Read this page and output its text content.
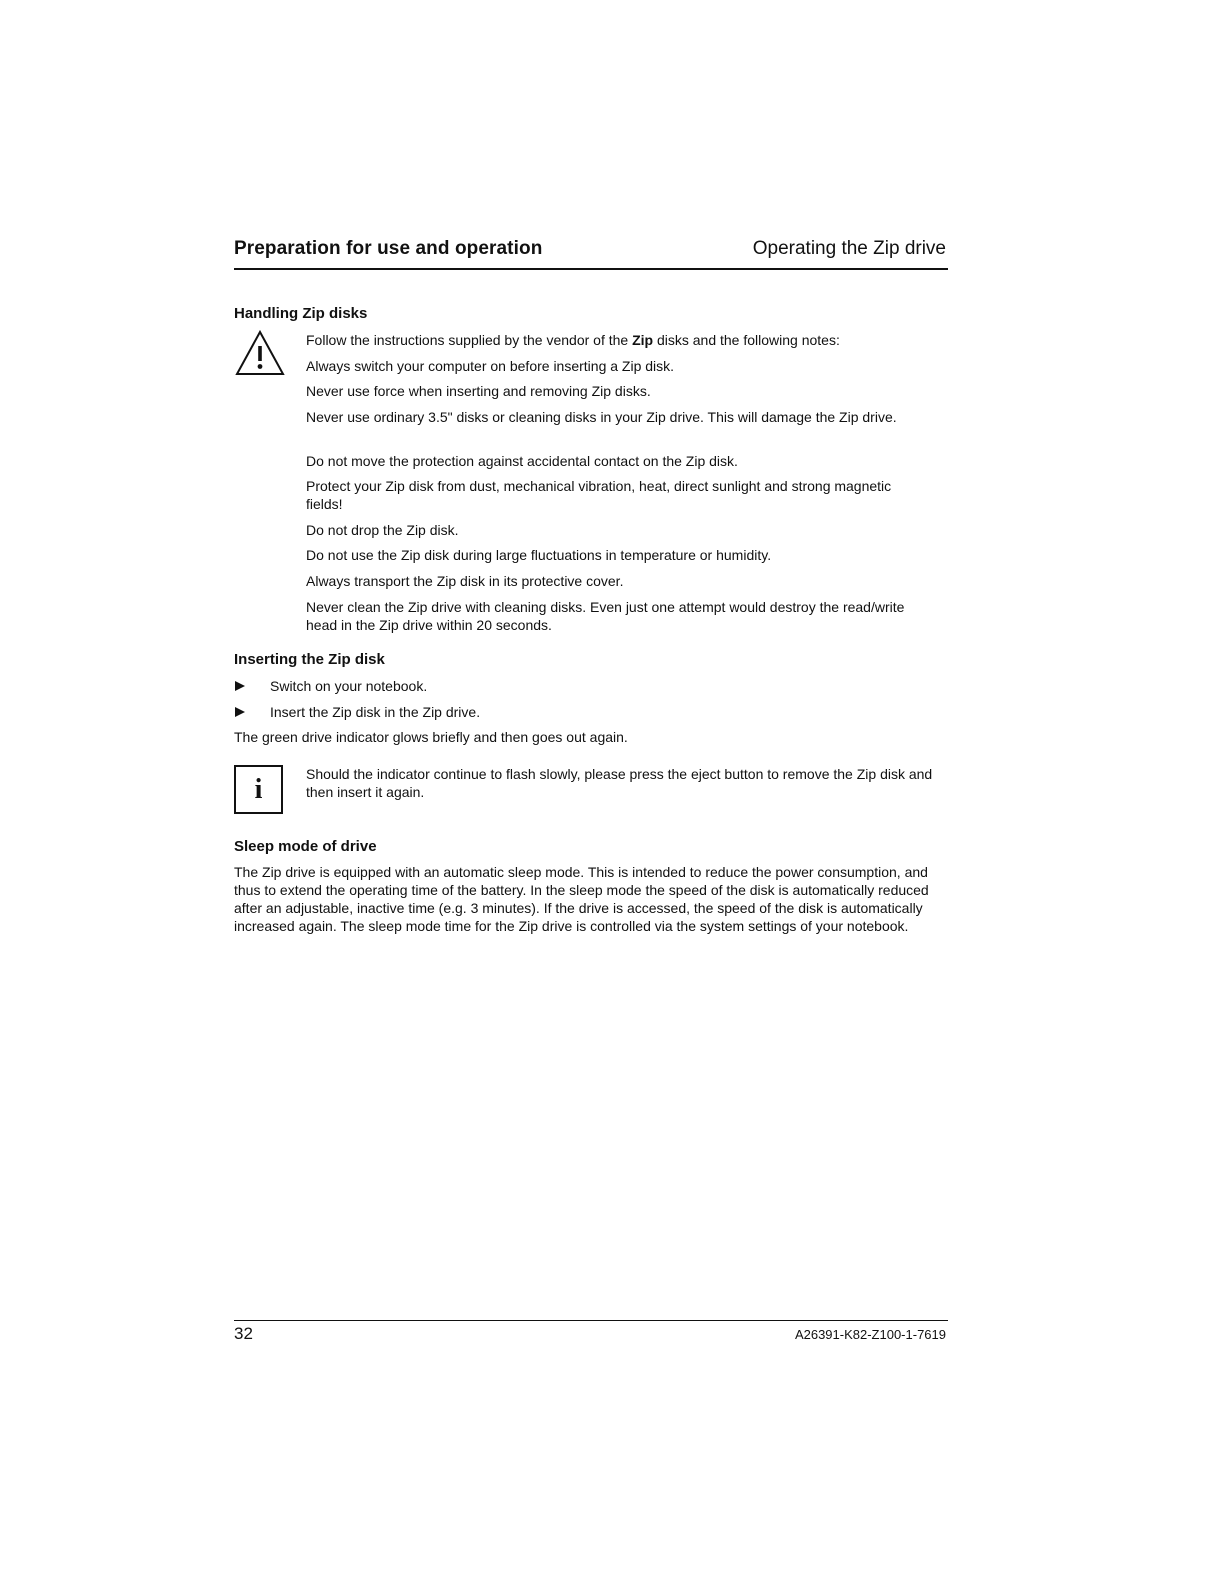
Preparation for use and operation	Operating the Zip drive
Handling Zip disks
Follow the instructions supplied by the vendor of the Zip disks and the following notes:
Always switch your computer on before inserting a Zip disk.
Never use force when inserting and removing Zip disks.
Never use ordinary 3.5" disks or cleaning disks in your Zip drive. This will damage the Zip drive.
Do not move the protection against accidental contact on the Zip disk.
Protect your Zip disk from dust, mechanical vibration, heat, direct sunlight and strong magnetic fields!
Do not drop the Zip disk.
Do not use the Zip disk during large fluctuations in temperature or humidity.
Always transport the Zip disk in its protective cover.
Never clean the Zip drive with cleaning disks. Even just one attempt would destroy the read/write head in the Zip drive within 20 seconds.
Inserting the Zip disk
Switch on your notebook.
Insert the Zip disk in the Zip drive.
The green drive indicator glows briefly and then goes out again.
i	Should the indicator continue to flash slowly, please press the eject button to remove the Zip disk and then insert it again.
Sleep mode of drive
The Zip drive is equipped with an automatic sleep mode. This is intended to reduce the power consumption, and thus to extend the operating time of the battery. In the sleep mode the speed of the disk is automatically reduced after an adjustable, inactive time (e.g. 3 minutes). If the drive is accessed, the speed of the disk is automatically increased again. The sleep mode time for the Zip drive is controlled via the system settings of your notebook.
32	A26391-K82-Z100-1-7619
